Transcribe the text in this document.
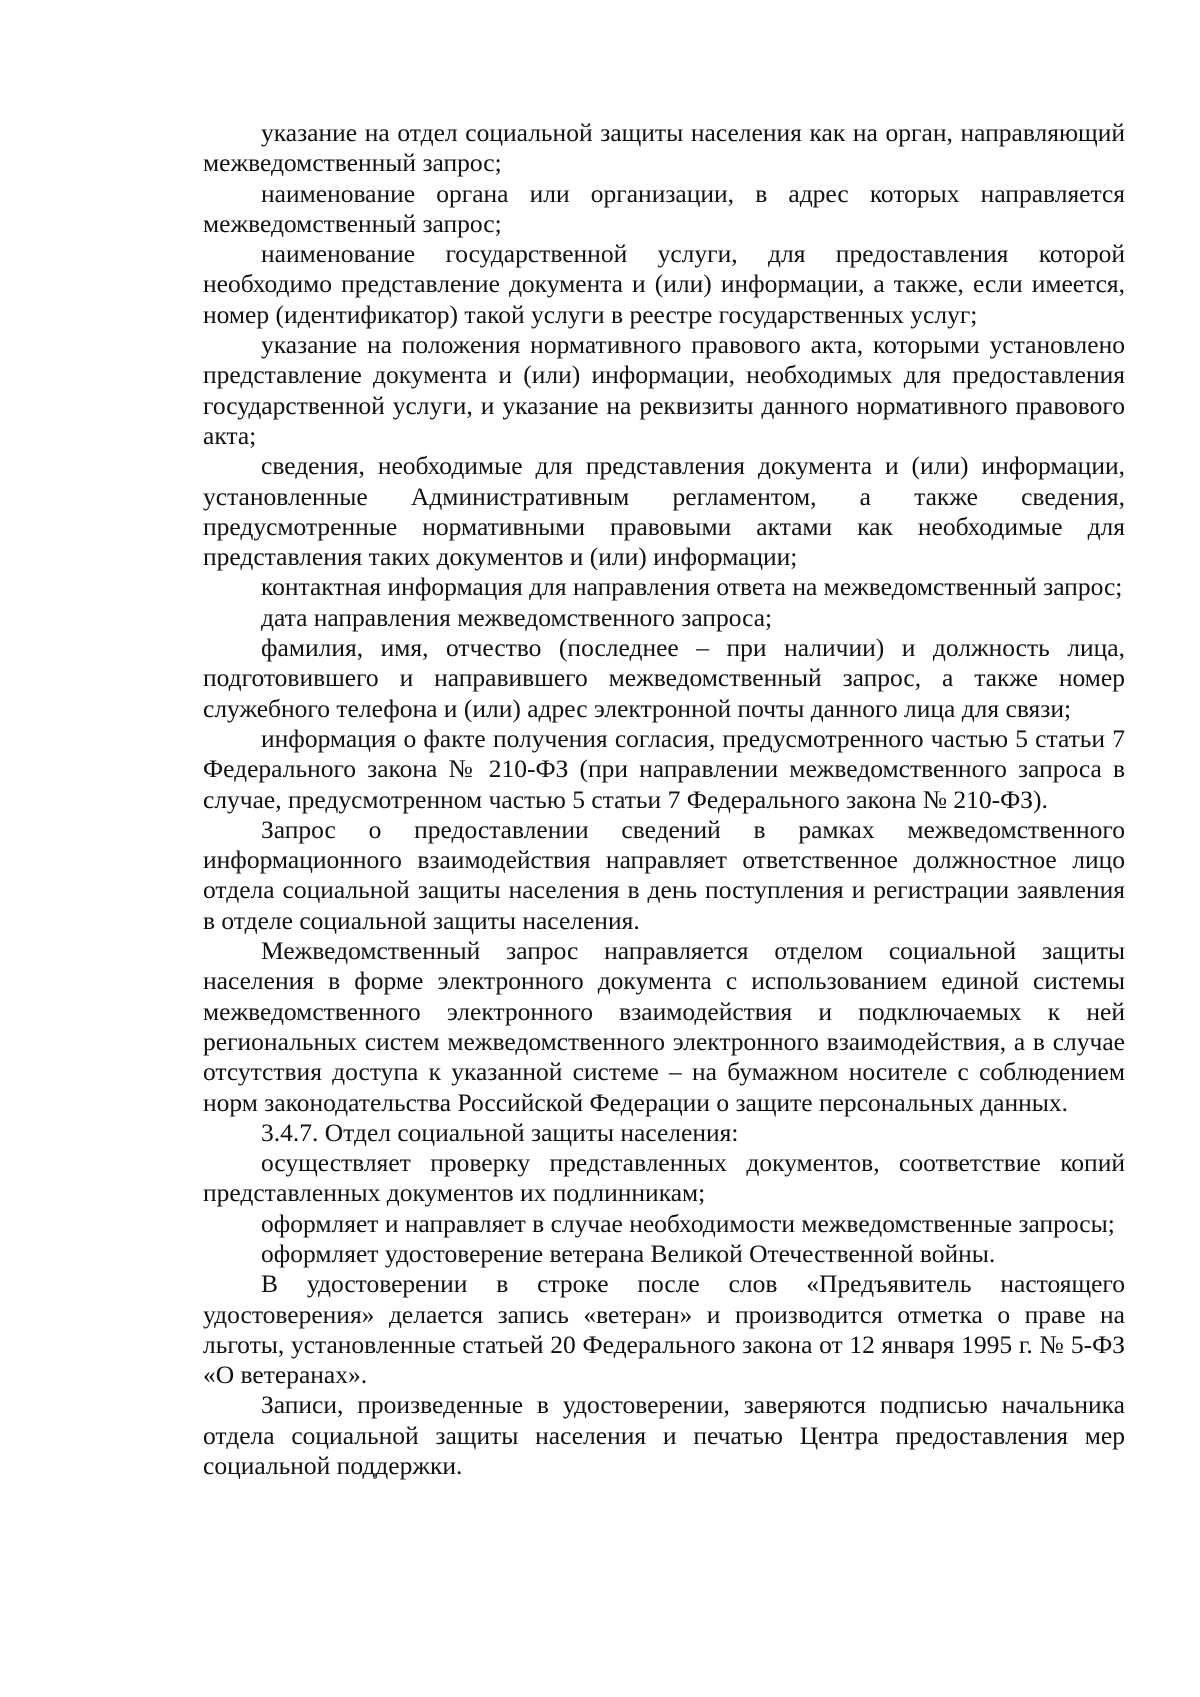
указание на отдел социальной защиты населения как на орган, направляющий межведомственный запрос;

наименование органа или организации, в адрес которых направляется межведомственный запрос;

наименование государственной услуги, для предоставления которой необходимо представление документа и (или) информации, а также, если имеется, номер (идентификатор) такой услуги в реестре государственных услуг;

указание на положения нормативного правового акта, которыми установлено представление документа и (или) информации, необходимых для предоставления государственной услуги, и указание на реквизиты данного нормативного правового акта;

сведения, необходимые для представления документа и (или) информации, установленные Административным регламентом, а также сведения, предусмотренные нормативными правовыми актами как необходимые для представления таких документов и (или) информации;

контактная информация для направления ответа на межведомственный запрос;

дата направления межведомственного запроса;

фамилия, имя, отчество (последнее – при наличии) и должность лица, подготовившего и направившего межведомственный запрос, а также номер служебного телефона и (или) адрес электронной почты данного лица для связи;

информация о факте получения согласия, предусмотренного частью 5 статьи 7 Федерального закона № 210-ФЗ (при направлении межведомственного запроса в случае, предусмотренном частью 5 статьи 7 Федерального закона № 210-ФЗ).

Запрос о предоставлении сведений в рамках межведомственного информационного взаимодействия направляет ответственное должностное лицо отдела социальной защиты населения в день поступления и регистрации заявления в отделе социальной защиты населения.

Межведомственный запрос направляется отделом социальной защиты населения в форме электронного документа с использованием единой системы межведомственного электронного взаимодействия и подключаемых к ней региональных систем межведомственного электронного взаимодействия, а в случае отсутствия доступа к указанной системе – на бумажном носителе с соблюдением норм законодательства Российской Федерации о защите персональных данных.

3.4.7. Отдел социальной защиты населения:

осуществляет проверку представленных документов, соответствие копий представленных документов их подлинникам;

оформляет и направляет в случае необходимости межведомственные запросы;

оформляет удостоверение ветерана Великой Отечественной войны.

В удостоверении в строке после слов «Предъявитель настоящего удостоверения» делается запись «ветеран» и производится отметка о праве на льготы, установленные статьей 20 Федерального закона от 12 января 1995 г. № 5-ФЗ «О ветеранах».

Записи, произведенные в удостоверении, заверяются подписью начальника отдела социальной защиты населения и печатью Центра предоставления мер социальной поддержки.
